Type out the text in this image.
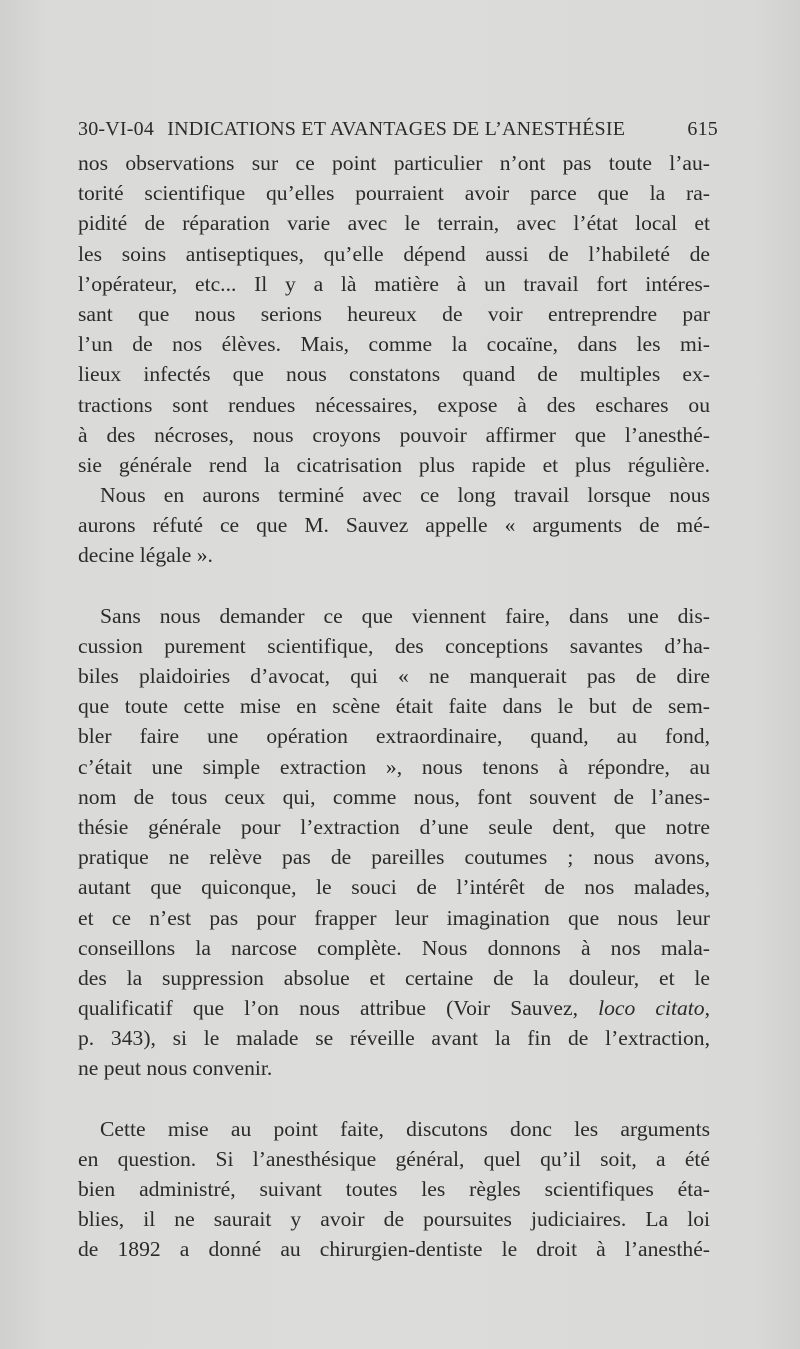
30-VI-04 INDICATIONS ET AVANTAGES DE L’ANESTHÉSIE	615
nos observations sur ce point particulier n’ont pas toute l’au-
torité scientifique qu’elles pourraient avoir parce que la ra-
pidité de réparation varie avec le terrain, avec l’état local et
les soins antiseptiques, qu’elle dépend aussi de l’habileté de
l’opérateur, etc... Il y a là matière à un travail fort intéres-
sant que nous serions heureux de voir entreprendre par
l’un de nos élèves. Mais, comme la cocaïne, dans les mi-
lieux infectés que nous constatons quand de multiples ex-
tractions sont rendues nécessaires, expose à des eschares ou
à des nécroses, nous croyons pouvoir affirmer que l’anesthé-
sie générale rend la cicatrisation plus rapide et plus régulière.
Nous en aurons terminé avec ce long travail lorsque nous
aurons réfuté ce que M. Sauvez appelle « arguments de mé-
decine légale ».
Sans nous demander ce que viennent faire, dans une dis-
cussion purement scientifique, des conceptions savantes d’ha-
biles plaidoiries d’avocat, qui « ne manquerait pas de dire
que toute cette mise en scène était faite dans le but de sem-
bler faire une opération extraordinaire, quand, au fond,
c’était une simple extraction », nous tenons à répondre, au
nom de tous ceux qui, comme nous, font souvent de l’anes-
thésie générale pour l’extraction d’une seule dent, que notre
pratique ne relève pas de pareilles coutumes ; nous avons,
autant que quiconque, le souci de l’intérêt de nos malades,
et ce n’est pas pour frapper leur imagination que nous leur
conseillons la narcose complète. Nous donnons à nos mala-
des la suppression absolue et certaine de la douleur, et le
qualificatif que l’on nous attribue (Voir Sauvez, loco citato,
p. 343), si le malade se réveille avant la fin de l’extraction,
ne peut nous convenir.
Cette mise au point faite, discutons donc les arguments
en question. Si l’anesthésique général, quel qu’il soit, a été
bien administré, suivant toutes les règles scientifiques éta-
blies, il ne saurait y avoir de poursuites judiciaires. La loi
de 1892 a donné au chirurgien-dentiste le droit à l’anesthé-
